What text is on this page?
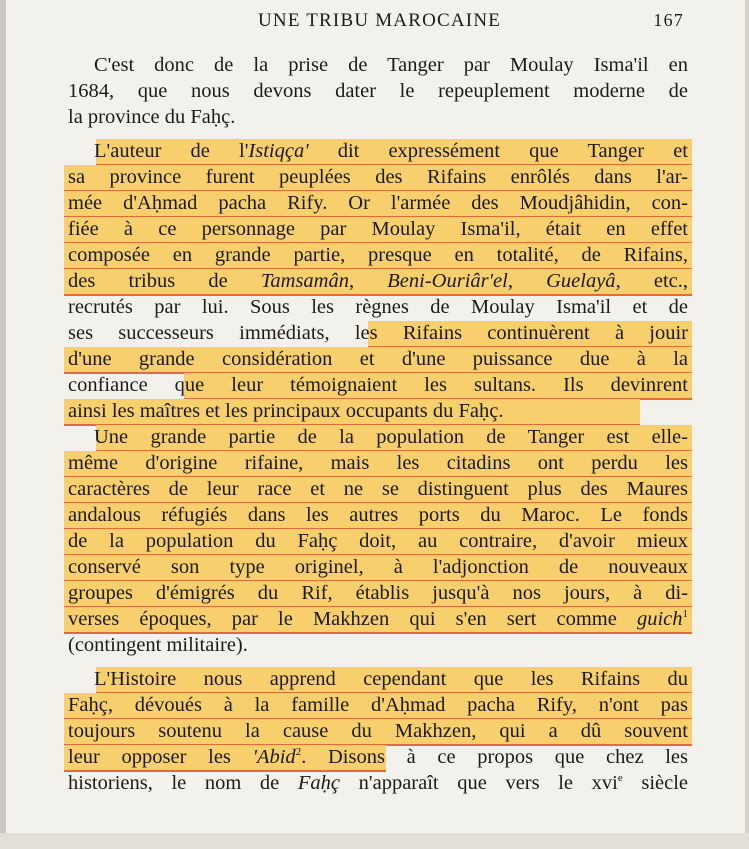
UNE TRIBU MAROCAINE	167
C'est donc de la prise de Tanger par Moulay Isma'il en
1684, que nous devons dater le repeuplement moderne de
la province du Faḥç.
L'auteur de l'Istiqça' dit expressément que Tanger et
sa province furent peuplées des Rifains enrôlés dans l'ar-
mée d'Aḥmad pacha Rify. Or l'armée des Moudjâhidin, con-
fiée à ce personnage par Moulay Isma'il, était en effet
composée en grande partie, presque en totalité, de Rifains,
des tribus de Tamsamân, Beni-Ouriâr'el, Guelayâ, etc.,
recrutés par lui. Sous les règnes de Moulay Isma'il et de
ses successeurs immédiats, les Rifains continuèrent à jouir
d'une grande considération et d'une puissance due à la
confiance que leur témoignaient les sultans. Ils devinrent
ainsi les maîtres et les principaux occupants du Faḥç.
Une grande partie de la population de Tanger est elle-
même d'origine rifaine, mais les citadins ont perdu les
caractères de leur race et ne se distinguent plus des Maures
andalous réfugiés dans les autres ports du Maroc. Le fonds
de la population du Faḥç doit, au contraire, d'avoir mieux
conservé son type originel, à l'adjonction de nouveaux
groupes d'émigrés du Rif, établis jusqu'à nos jours, à di-
verses époques, par le Makhzen qui s'en sert comme guich$^1$
(contingent militaire).
L'Histoire nous apprend cependant que les Rifains du
Faḥç, dévoués à la famille d'Aḥmad pacha Rify, n'ont pas
toujours soutenu la cause du Makhzen, qui a dû souvent
leur opposer les 'Abid$^2$. Disons à ce propos que chez les
historiens, le nom de Faḥç n'apparaît que vers le xvi$^e$ siècle
